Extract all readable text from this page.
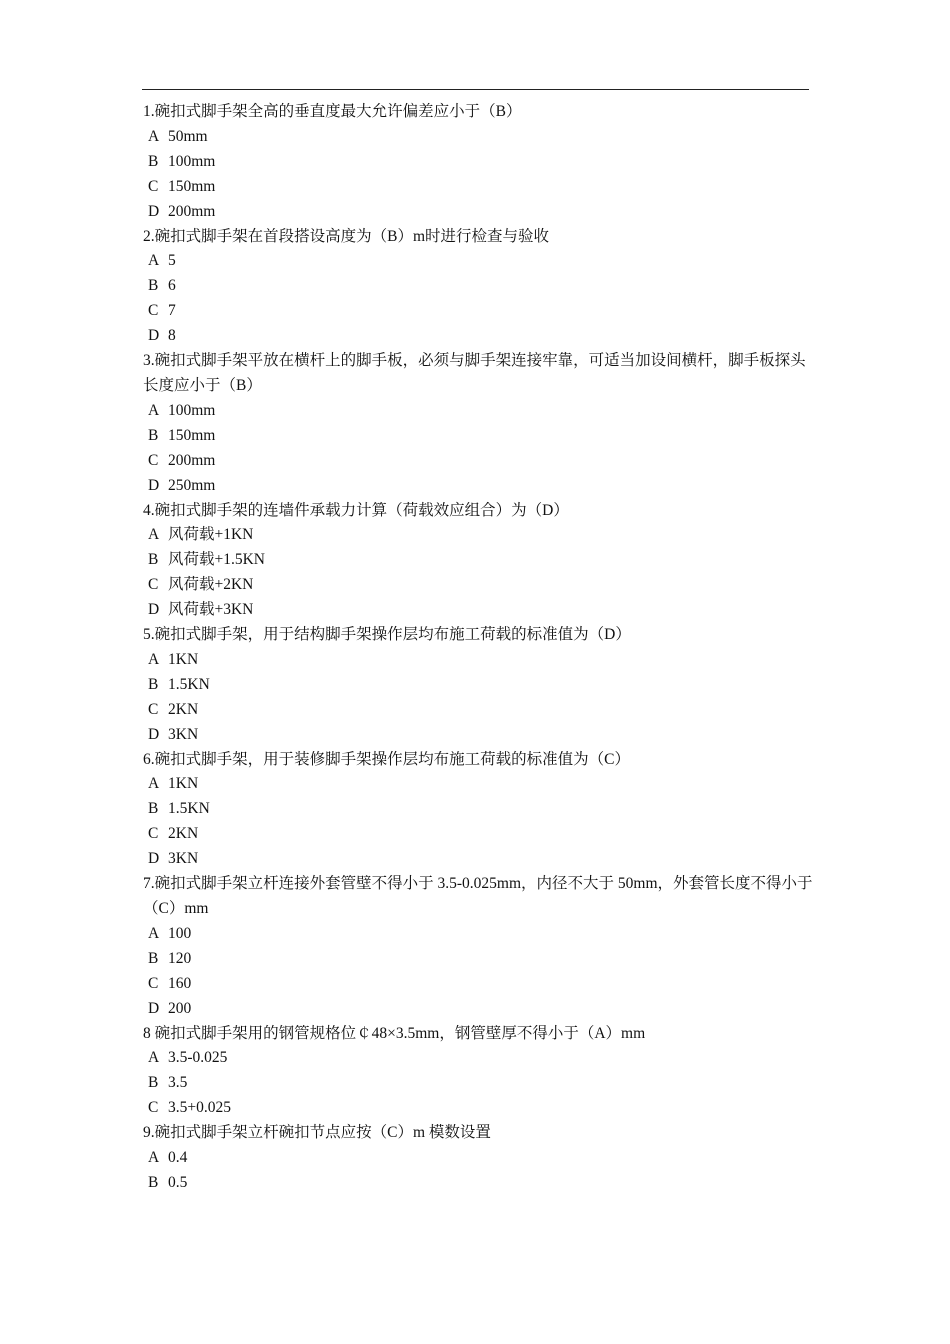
1.碗扣式脚手架全高的垂直度最大允许偏差应小于（B）
A 50mm
B 100mm
C 150mm
D 200mm
2.碗扣式脚手架在首段搭设高度为（B）m时进行检查与验收
A 5
B 6
C 7
D 8
3.碗扣式脚手架平放在横杆上的脚手板，必须与脚手架连接牢靠，可适当加设间横杆，脚手板探头长度应小于（B）
A 100mm
B 150mm
C 200mm
D 250mm
4.碗扣式脚手架的连墙件承载力计算（荷载效应组合）为（D）
A 风荷载+1KN
B 风荷载+1.5KN
C 风荷载+2KN
D 风荷载+3KN
5.碗扣式脚手架，用于结构脚手架操作层均布施工荷载的标准值为（D）
A 1KN
B 1.5KN
C 2KN
D 3KN
6.碗扣式脚手架，用于装修脚手架操作层均布施工荷载的标准值为（C）
A 1KN
B 1.5KN
C 2KN
D 3KN
7.碗扣式脚手架立杆连接外套管壁不得小于 3.5-0.025mm，内径不大于 50mm，外套管长度不得小于（C）mm
A 100
B 120
C 160
D 200
8 碗扣式脚手架用的钢管规格位￠48×3.5mm，钢管壁厚不得小于（A）mm
A 3.5-0.025
B 3.5
C 3.5+0.025
9.碗扣式脚手架立杆碗扣节点应按（C）m 模数设置
A 0.4
B 0.5
